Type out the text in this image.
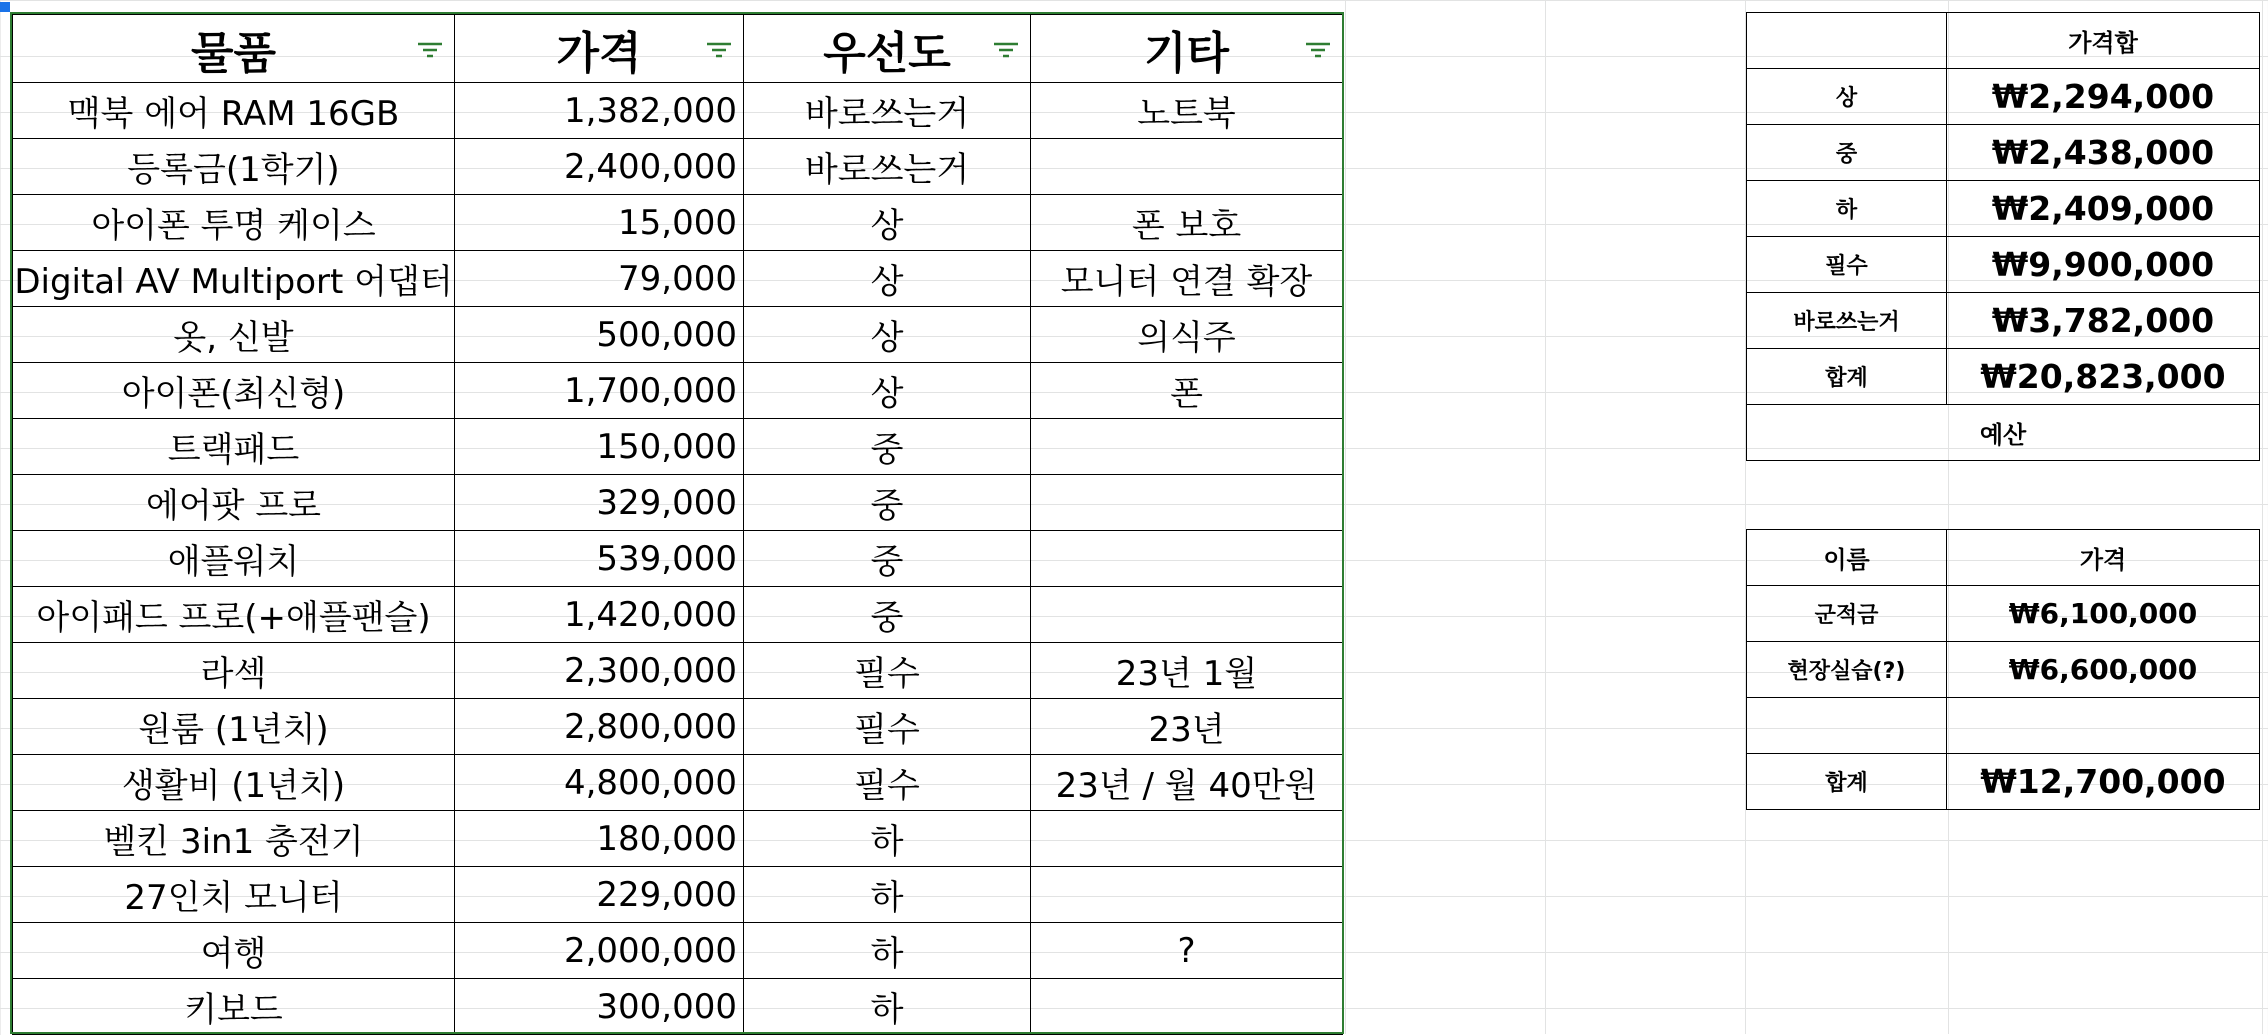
물품	가격	우선도	기타

맥북 에어 RAM 16GB	1,382,000	바로쓰는거	노트북
등록금(1학기)	2,400,000	바로쓰는거	
아이폰 투명 케이스	15,000	상	폰 보호
Digital AV Multiport 어댑터	79,000	상	모니터 연결 확장
옷, 신발	500,000	상	의식주
아이폰(최신형)	1,700,000	상	폰
트랙패드	150,000	중	
에어팟 프로	329,000	중	
애플워치	539,000	중	
아이패드 프로(+애플팬슬)	1,420,000	중	
라섹	2,300,000	필수	23년 1월
원룸 (1년치)	2,800,000	필수	23년
생활비 (1년치)	4,800,000	필수	23년 / 월 40만원
벨킨 3in1 충전기	180,000	하	
27인치 모니터	229,000	하	
여행	2,000,000	하	?
키보드	300,000	하	
	가격합
상	₩2,294,000
중	₩2,438,000
하	₩2,409,000
필수	₩9,900,000
바로쓰는거	₩3,782,000
합계	₩20,823,000
예산	
이름	가격
군적금	₩6,100,000
현장실습(?)	₩6,600,000

합계	₩12,700,000
